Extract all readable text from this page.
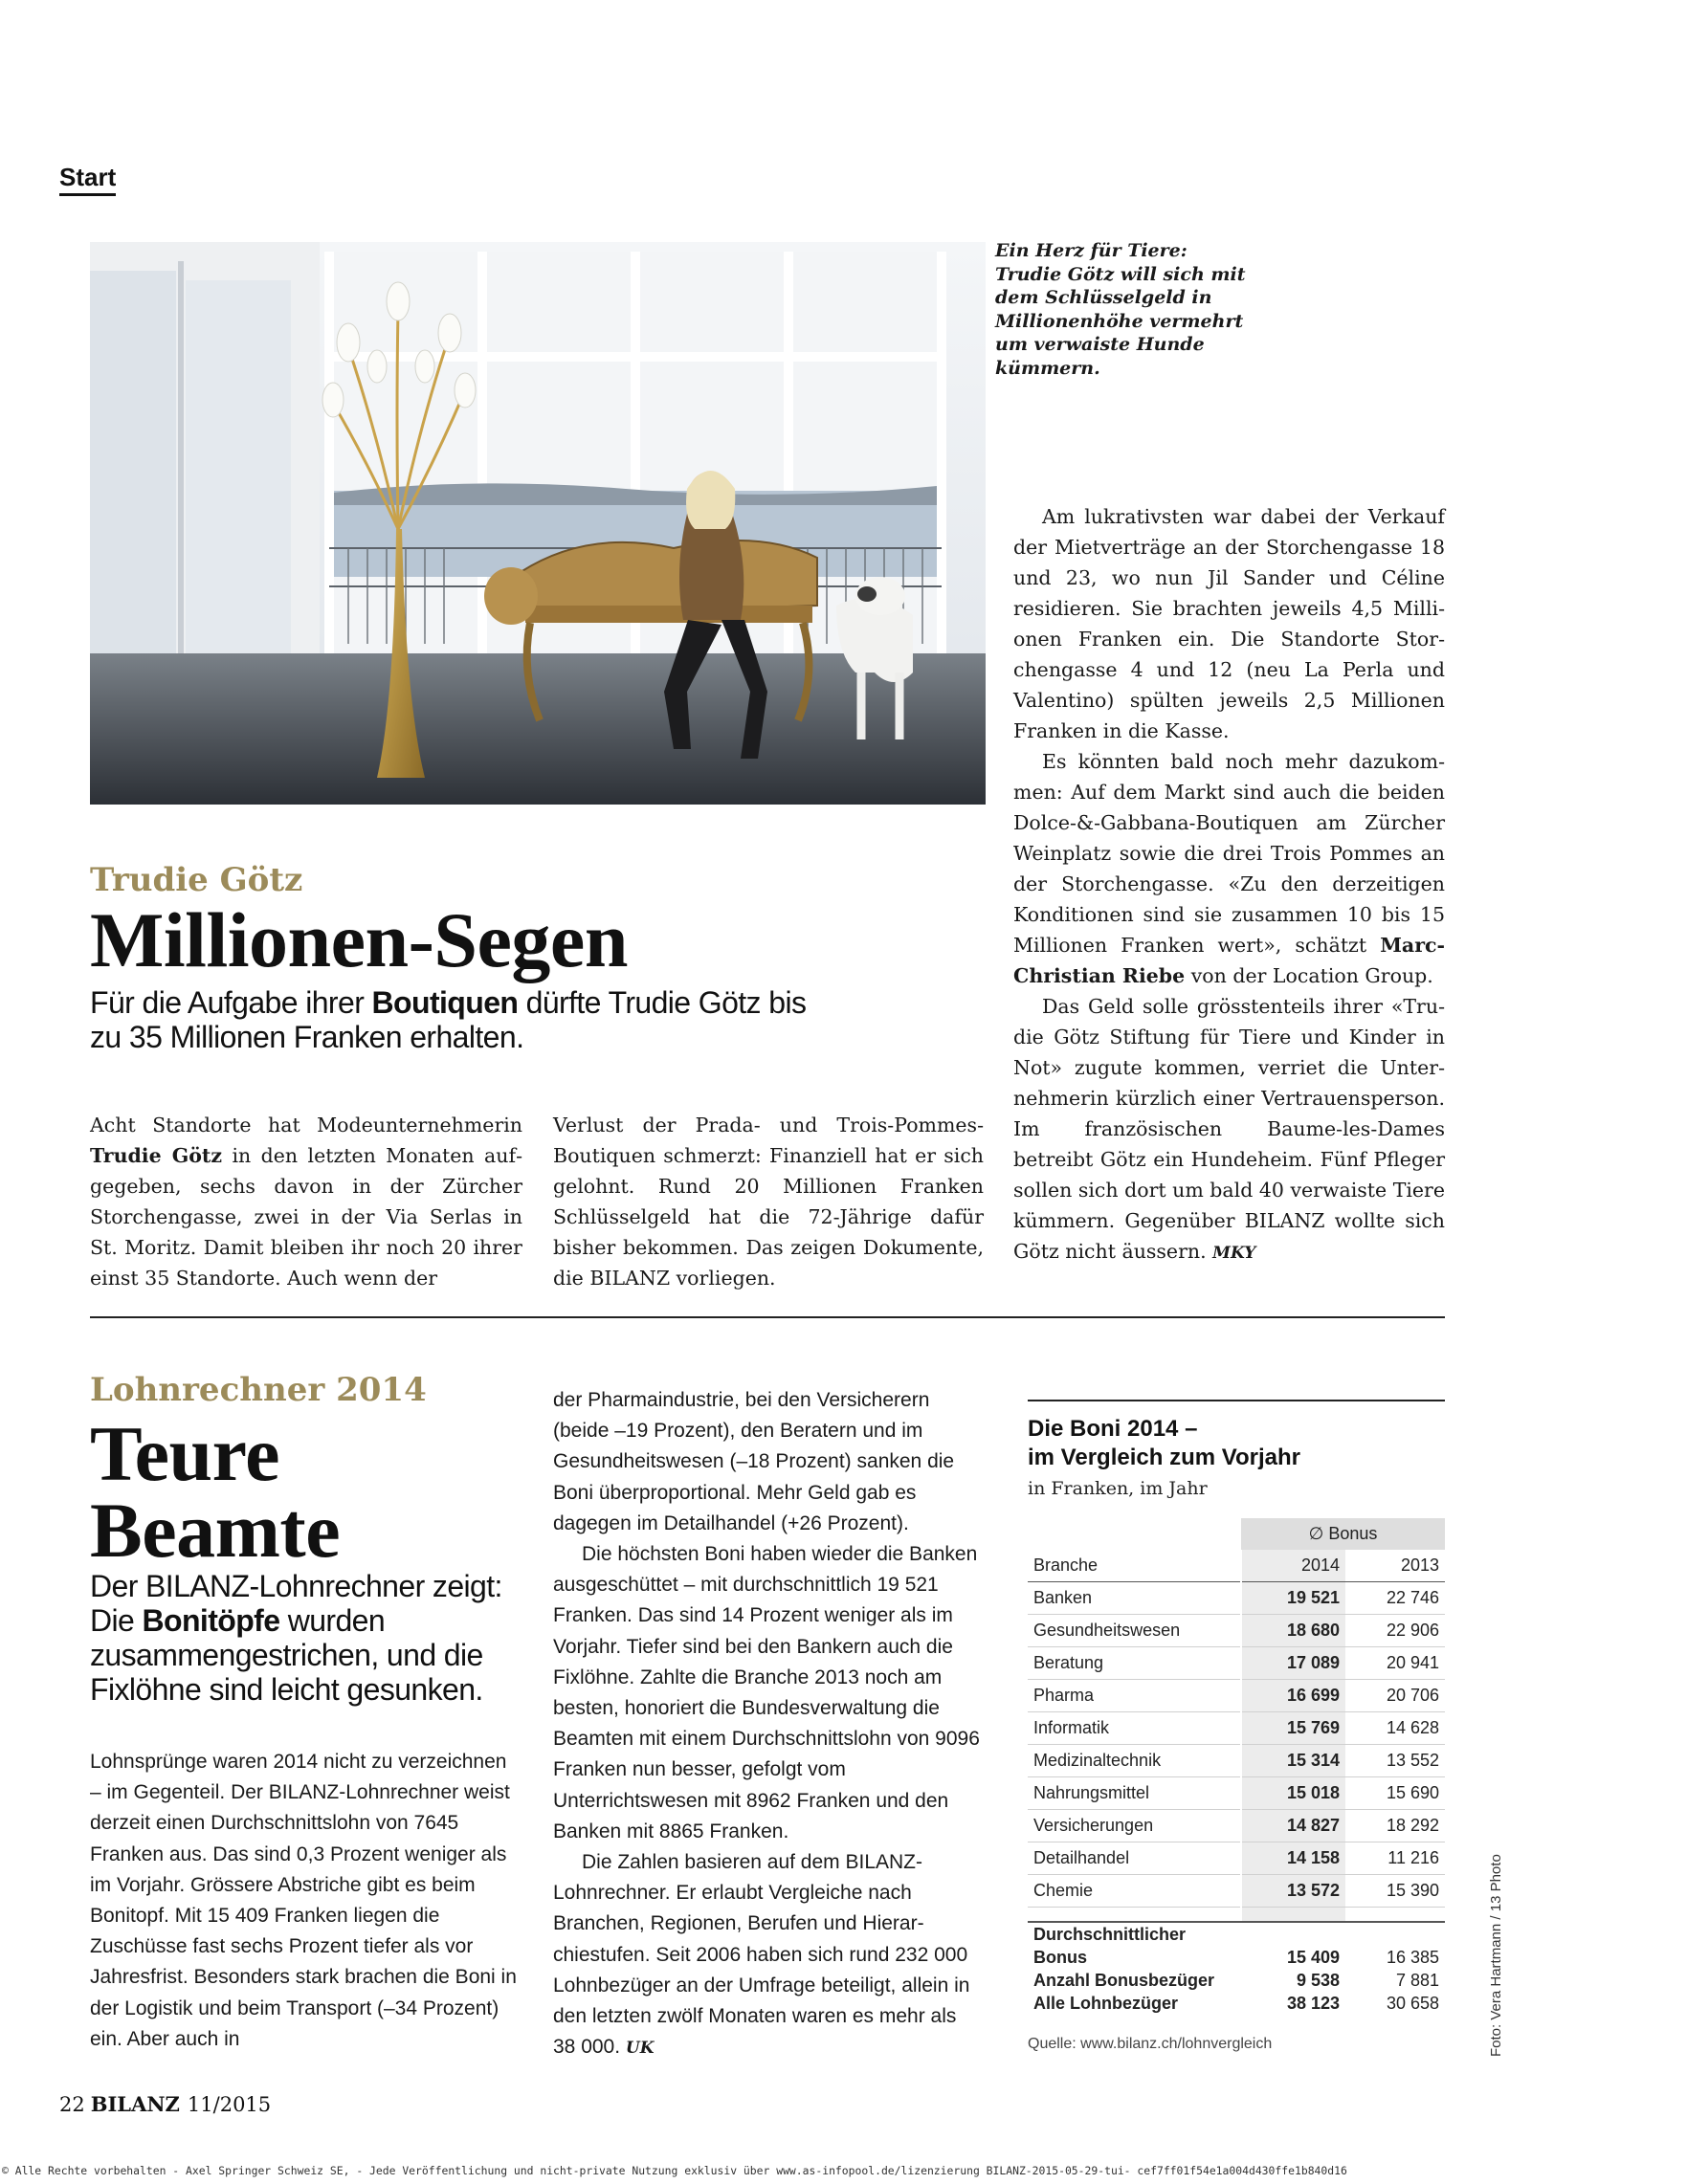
Start
Ein Herz für Tiere: Trudie Götz will sich mit dem Schlüsselgeld in Millionenhöhe vermehrt um verwaiste Hunde kümmern.
Trudie Götz
Millionen-Segen
Für die Aufgabe ihrer Boutiquen dürfte Trudie Götz bis zu 35 Millionen Franken erhalten.

Acht Standorte hat Modeunternehmerin Trudie Götz in den letzten Monaten aufgegeben, sechs davon in der Zürcher Storchengasse, zwei in der Via Serlas in St. Moritz. Damit bleiben ihr noch 20 ihrer einst 35 Standorte. Auch wenn der

Verlust der Prada- und Trois-Pommes-Boutiquen schmerzt: Finanziell hat er sich gelohnt. Rund 20 Millionen Franken Schlüsselgeld hat die 72-Jährige dafür bisher bekommen. Das zeigen Dokumente, die BILANZ vorliegen.

Am lukrativsten war dabei der Verkauf der Mietverträge an der Storchengasse 18 und 23, wo nun Jil Sander und Céline residieren. Sie brachten jeweils 4,5 Millionen Franken ein. Die Standorte Storchengasse 4 und 12 (neu La Perla und Valentino) spülten jeweils 2,5 Millionen Franken in die Kasse.

Es könnten bald noch mehr dazukommen: Auf dem Markt sind auch die beiden Dolce-&-Gabbana-Boutiquen am Zürcher Weinplatz sowie die drei Trois Pommes an der Storchengasse. «Zu den derzeitigen Konditionen sind sie zusammen 10 bis 15 Millionen Franken wert», schätzt Marc-Christian Riebe von der Location Group.

Das Geld solle grösstenteils ihrer «Trudie Götz Stiftung für Tiere und Kinder in Not» zugute kommen, verriet die Unternehmerin kürzlich einer Vertrauensperson. Im französischen Baume-les-Dames betreibt Götz ein Hundeheim. Fünf Pfleger sollen sich dort um bald 40 verwaiste Tiere kümmern. Gegenüber BILANZ wollte sich Götz nicht äussern. MKY

Lohnrechner 2014
Teure
Beamte
Der BILANZ-Lohnrechner zeigt: Die Bonitöpfe wurden zusammengestrichen, und die Fixlöhne sind leicht gesunken.

Lohnsprünge waren 2014 nicht zu verzeichnen – im Gegenteil. Der BILANZ-Lohnrechner weist derzeit einen Durchschnittslohn von 7645 Franken aus. Das sind 0,3 Prozent weniger als im Vorjahr. Grössere Abstriche gibt es beim Bonitopf. Mit 15 409 Franken liegen die Zuschüsse fast sechs Prozent tiefer als vor Jahresfrist. Besonders stark brachen die Boni in der Logistik und beim Transport (–34 Prozent) ein. Aber auch in

der Pharmaindustrie, bei den Versicherern (beide –19 Prozent), den Beratern und im Gesundheitswesen (–18 Prozent) sanken die Boni überproportional. Mehr Geld gab es dagegen im Detailhandel (+26 Prozent).

Die höchsten Boni haben wieder die Banken ausgeschüttet – mit durchschnittlich 19 521 Franken. Das sind 14 Prozent weniger als im Vorjahr. Tiefer sind bei den Bankern auch die Fixlöhne. Zahlte die Branche 2013 noch am besten, honoriert die Bundesverwaltung die Beamten mit einem Durchschnittslohn von 9096 Franken nun besser, gefolgt vom Unterrichtswesen mit 8962 Franken und den Banken mit 8865 Franken.

Die Zahlen basieren auf dem BILANZ-Lohnrechner. Er erlaubt Vergleiche nach Branchen, Regionen, Berufen und Hierarchiestufen. Seit 2006 haben sich rund 232 000 Lohnbezüger an der Umfrage beteiligt, allein in den letzten zwölf Monaten waren es mehr als 38 000. UK

Die Boni 2014 –
im Vergleich zum Vorjahr
in Franken, im Jahr
	∅ Bonus	
Branche	2014	2013
Banken	19 521	22 746
Gesundheitswesen	18 680	22 906
Beratung	17 089	20 941
Pharma	16 699	20 706
Informatik	15 769	14 628
Medizinaltechnik	15 314	13 552
Nahrungsmittel	15 018	15 690
Versicherungen	14 827	18 292
Detailhandel	14 158	11 216
Chemie	13 572	15 390

Durchschnittlicher		
Bonus	15 409	16 385
Anzahl Bonusbezüger	9 538	7 881
Alle Lohnbezüger	38 123	30 658
Quelle: www.bilanz.ch/lohnvergleich	Foto: Vera Hartmann / 13 Photo
22 BILANZ 11/2015
© Alle Rechte vorbehalten - Axel Springer Schweiz SE, - Jede Veröffentlichung und nicht-private Nutzung exklusiv über www.as-infopool.de/lizenzierung BILANZ-2015-05-29-tui- cef7ff01f54e1a004d430ffe1b840d16
